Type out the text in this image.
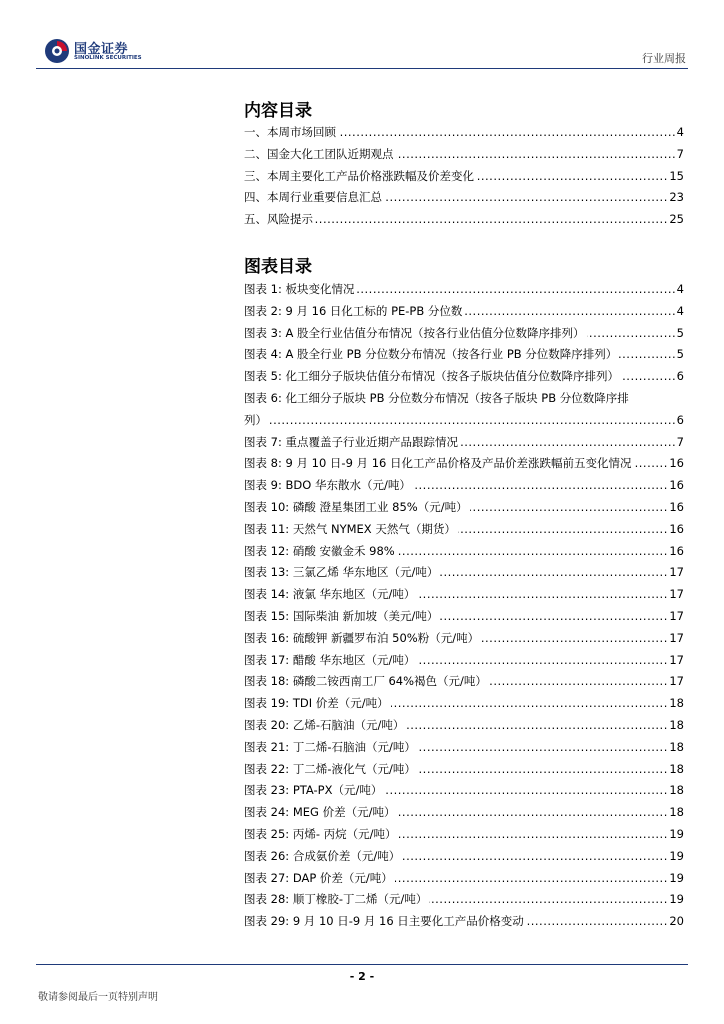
国金证券
SINOLINK SECURITIES	行业周报
内容目录
..... 一、本周市场回顾	4
..... 二、国金大化工团队近期观点	7
..... 三、本周主要化工产品价格涨跌幅及价差变化	15
..... 四、本周行业重要信息汇总	23
..... 五、风险提示	25
图表目录
..... 图表 1: 板块变化情况	4
..... 图表 2: 9 月 16 日化工标的 PE-PB 分位数	4
..... 图表 3: A 股全行业估值分布情况（按各行业估值分位数降序排列）	5
..... 图表 4: A 股全行业 PB 分位数分布情况（按各行业 PB 分位数降序排列）	5
..... 图表 5: 化工细分子版块估值分布情况（按各子版块估值分位数降序排列）	6
图表 6: 化工细分子版块 PB 分位数分布情况（按各子版块 PB 分位数降序排
..... 列）	6
..... 图表 7: 重点覆盖子行业近期产品跟踪情况	7
..... 图表 8: 9 月 10 日-9 月 16 日化工产品价格及产品价差涨跌幅前五变化情况	16
..... 图表 9: BDO 华东散水（元/吨）	16
..... 图表 10: 磷酸 澄星集团工业 85%（元/吨）	16
..... 图表 11: 天然气 NYMEX 天然气（期货）	16
..... 图表 12: 硝酸 安徽金禾 98%	16
..... 图表 13: 三氯乙烯 华东地区（元/吨）	17
..... 图表 14: 液氯 华东地区（元/吨）	17
..... 图表 15: 国际柴油 新加坡（美元/吨）	17
..... 图表 16: 硫酸钾 新疆罗布泊 50%粉（元/吨）	17
..... 图表 17: 醋酸 华东地区（元/吨）	17
..... 图表 18: 磷酸二铵西南工厂 64%褐色（元/吨）	17
..... 图表 19: TDI 价差（元/吨）	18
..... 图表 20: 乙烯-石脑油（元/吨）	18
..... 图表 21: 丁二烯-石脑油（元/吨）	18
..... 图表 22: 丁二烯-液化气（元/吨）	18
..... 图表 23: PTA-PX（元/吨）	18
..... 图表 24: MEG 价差（元/吨）	18
..... 图表 25: 丙烯- 丙烷（元/吨）	19
..... 图表 26: 合成氨价差（元/吨）	19
..... 图表 27: DAP 价差（元/吨）	19
..... 图表 28: 顺丁橡胶-丁二烯（元/吨）	19
..... 图表 29: 9 月 10 日-9 月 16 日主要化工产品价格变动	20
- 2 -
敬请参阅最后一页特别声明
